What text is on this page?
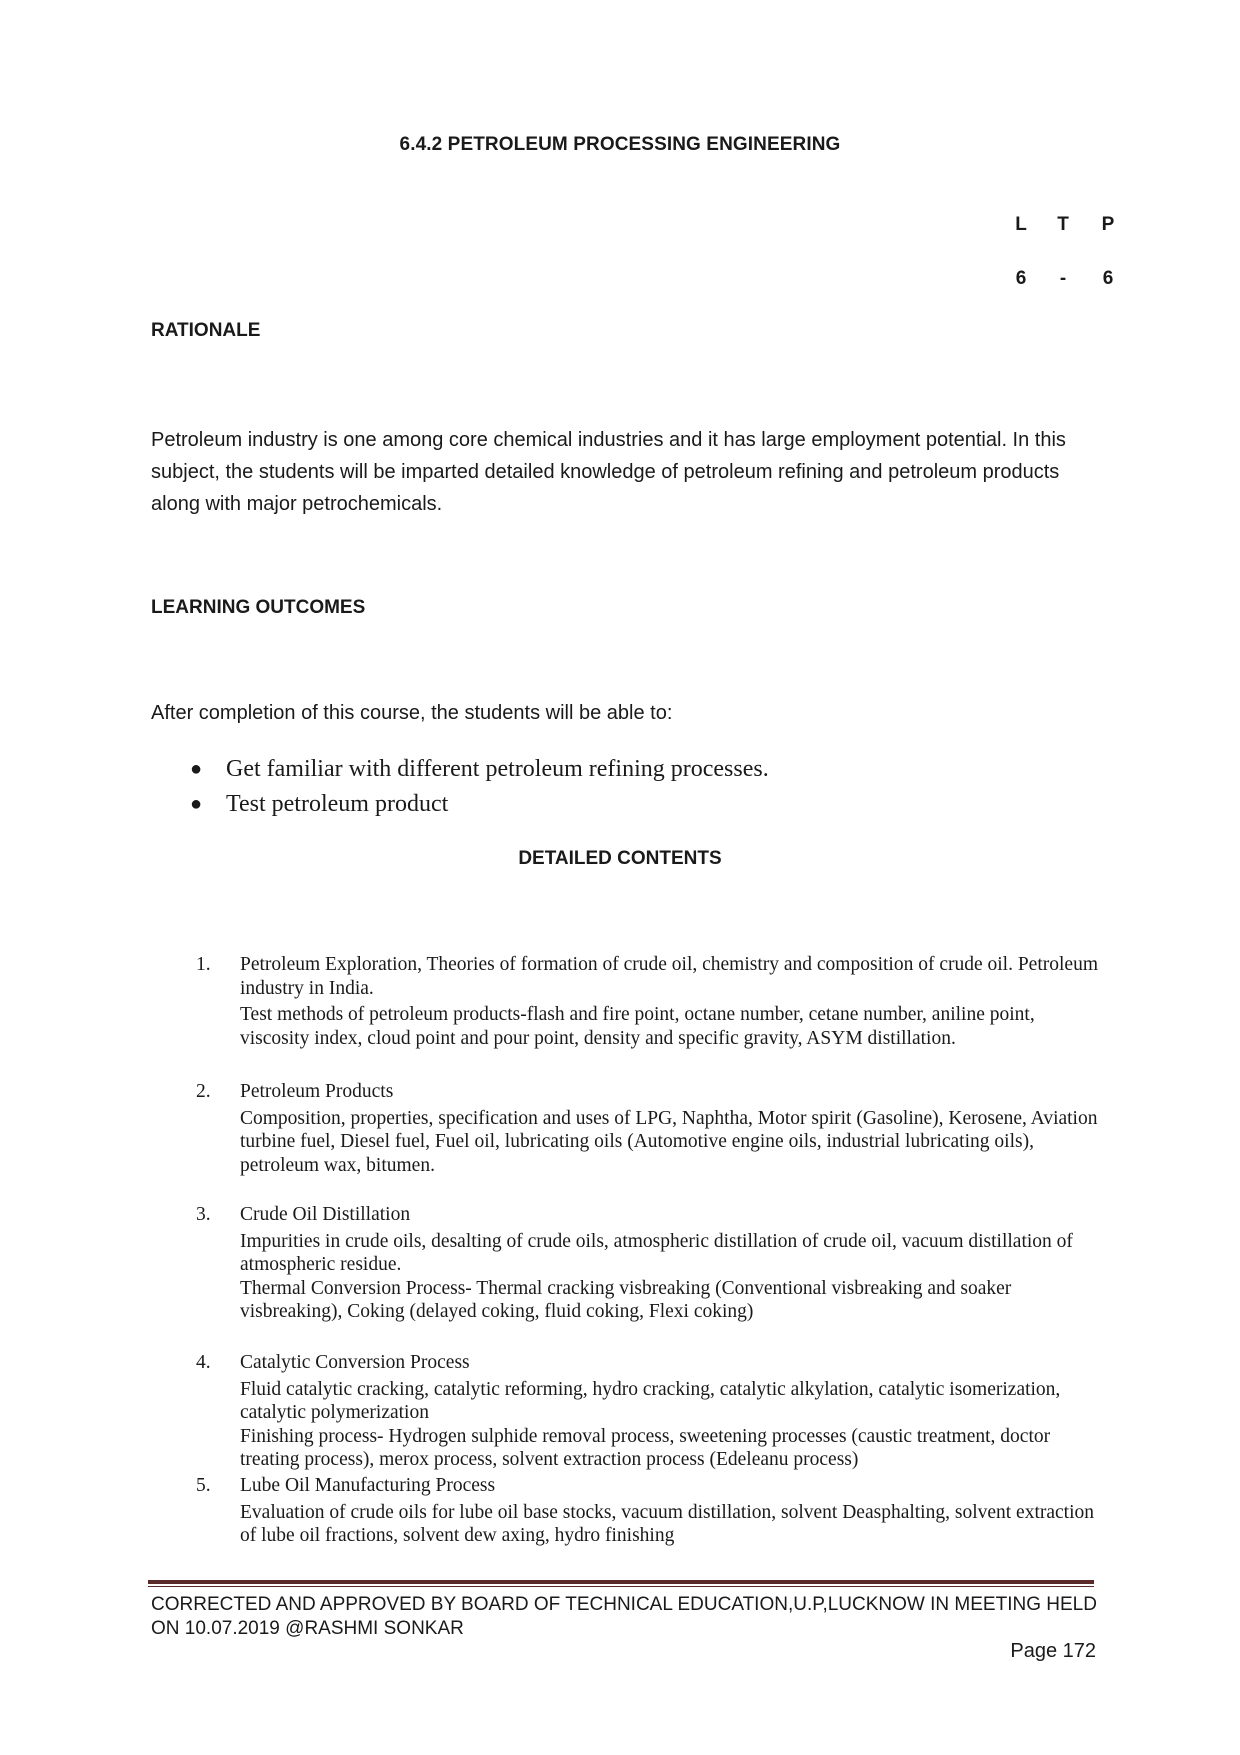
6.4.2 PETROLEUM PROCESSING ENGINEERING
L	T	P
6	-	6
RATIONALE
Petroleum industry is one among core chemical industries and it has large employment potential. In this subject, the students will be imparted detailed knowledge of petroleum refining and petroleum products along with major petrochemicals.
LEARNING OUTCOMES
After completion of this course, the students will be able to:
● Get familiar with different petroleum refining processes.
● Test petroleum product
DETAILED CONTENTS
1.	Petroleum Exploration, Theories of formation of crude oil, chemistry and composition of crude oil. Petroleum industry in India.

Test methods of petroleum products-flash and fire point, octane number, cetane number, aniline point, viscosity index, cloud point and pour point, density and specific gravity, ASYM distillation.

2.	Petroleum Products

Composition, properties, specification and uses of LPG, Naphtha, Motor spirit (Gasoline), Kerosene, Aviation turbine fuel, Diesel fuel, Fuel oil, lubricating oils (Automotive engine oils, industrial lubricating oils), petroleum wax, bitumen.

3.	Crude Oil Distillation

Impurities in crude oils, desalting of crude oils, atmospheric distillation of crude oil, vacuum distillation of atmospheric residue.

Thermal Conversion Process- Thermal cracking visbreaking (Conventional visbreaking and soaker visbreaking), Coking (delayed coking, fluid coking, Flexi coking)

4.	Catalytic Conversion Process

Fluid catalytic cracking, catalytic reforming, hydro cracking, catalytic alkylation, catalytic isomerization, catalytic polymerization

Finishing process- Hydrogen sulphide removal process, sweetening processes (caustic treatment, doctor treating process), merox process, solvent extraction process (Edeleanu process)

5.	Lube Oil Manufacturing Process

Evaluation of crude oils for lube oil base stocks, vacuum distillation, solvent Deasphalting, solvent extraction of lube oil fractions, solvent dew axing, hydro finishing

CORRECTED AND APPROVED BY BOARD OF TECHNICAL EDUCATION,U.P,LUCKNOW IN MEETING HELD ON 10.07.2019 @RASHMI SONKAR
Page 172
